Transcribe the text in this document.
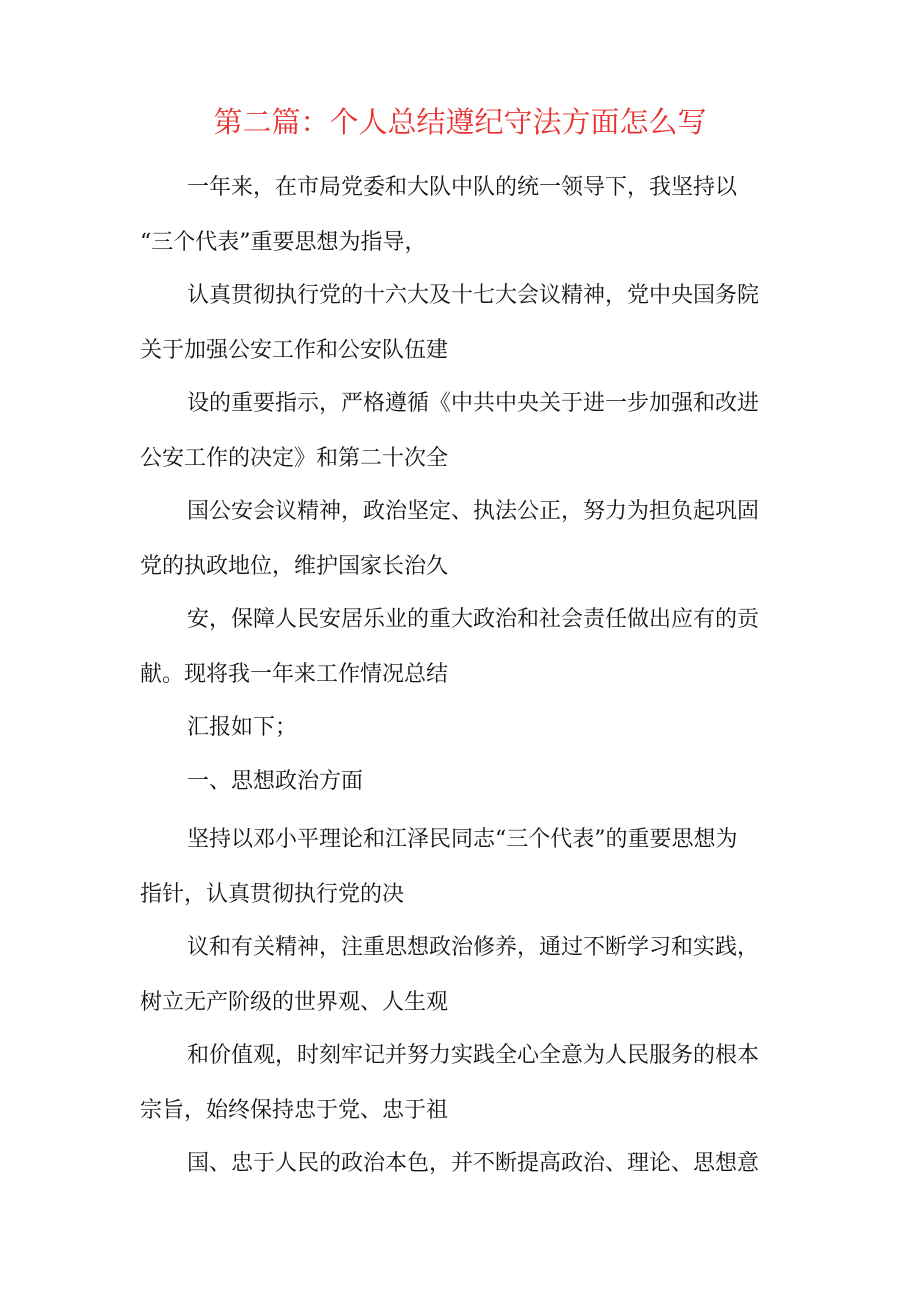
第二篇：个人总结遵纪守法方面怎么写
一年来，在市局党委和大队中队的统一领导下，我坚持以
“三个代表”重要思想为指导，
认真贯彻执行党的十六大及十七大会议精神，党中央国务院
关于加强公安工作和公安队伍建
设的重要指示，严格遵循《中共中央关于进一步加强和改进
公安工作的决定》和第二十次全
国公安会议精神，政治坚定、执法公正，努力为担负起巩固
党的执政地位，维护国家长治久
安，保障人民安居乐业的重大政治和社会责任做出应有的贡
献。现将我一年来工作情况总结
汇报如下；
一、思想政治方面
坚持以邓小平理论和江泽民同志“三个代表”的重要思想为
指针，认真贯彻执行党的决
议和有关精神，注重思想政治修养，通过不断学习和实践，
树立无产阶级的世界观、人生观
和价值观，时刻牢记并努力实践全心全意为人民服务的根本
宗旨，始终保持忠于党、忠于祖
国、忠于人民的政治本色，并不断提高政治、理论、思想意
